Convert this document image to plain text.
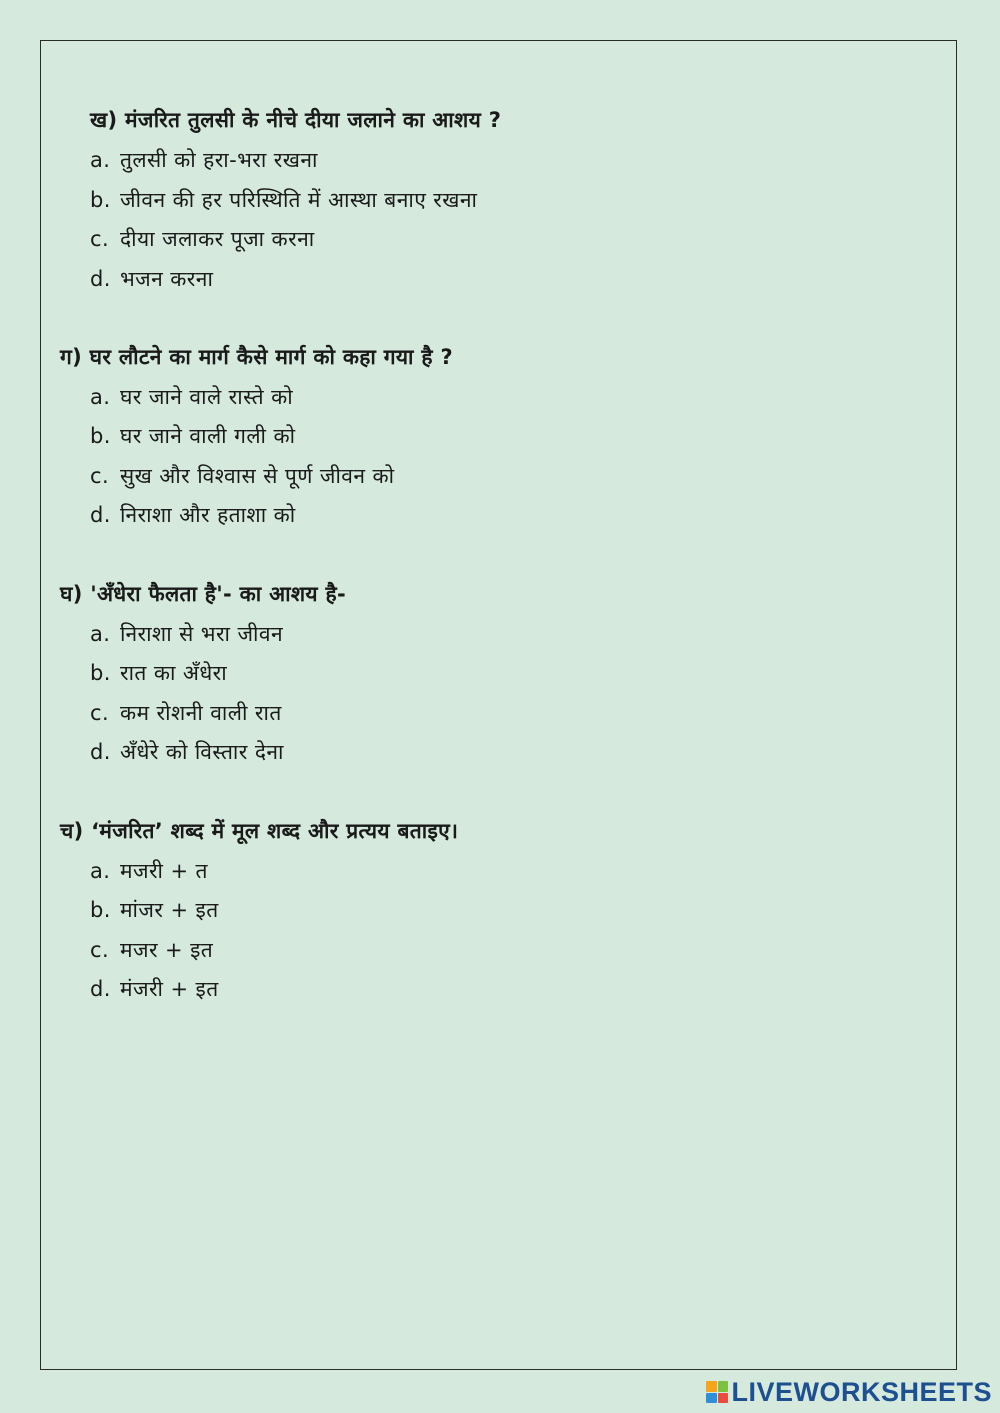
ख) मंजरित तुलसी के नीचे दीया जलाने का आशय ?
a. तुलसी को हरा-भरा रखना
b. जीवन की हर परिस्थिति में आस्था बनाए रखना
c. दीया जलाकर पूजा करना
d. भजन करना
ग) घर लौटने का मार्ग कैसे मार्ग को कहा गया है ?
a. घर जाने वाले रास्ते को
b. घर जाने वाली गली को
c. सुख और विश्वास से पूर्ण जीवन को
d. निराशा और हताशा को
घ) 'अँधेरा फैलता है'- का आशय है-
a. निराशा से भरा जीवन
b. रात का अँधेरा
c. कम रोशनी वाली रात
d. अँधेरे को विस्तार देना
च) ‘मंजरित’ शब्द में मूल शब्द और प्रत्यय बताइए।
a. मजरी + त
b. मांजर + इत
c. मजर + इत
d. मंजरी + इत
LIVEWORKSHEETS
